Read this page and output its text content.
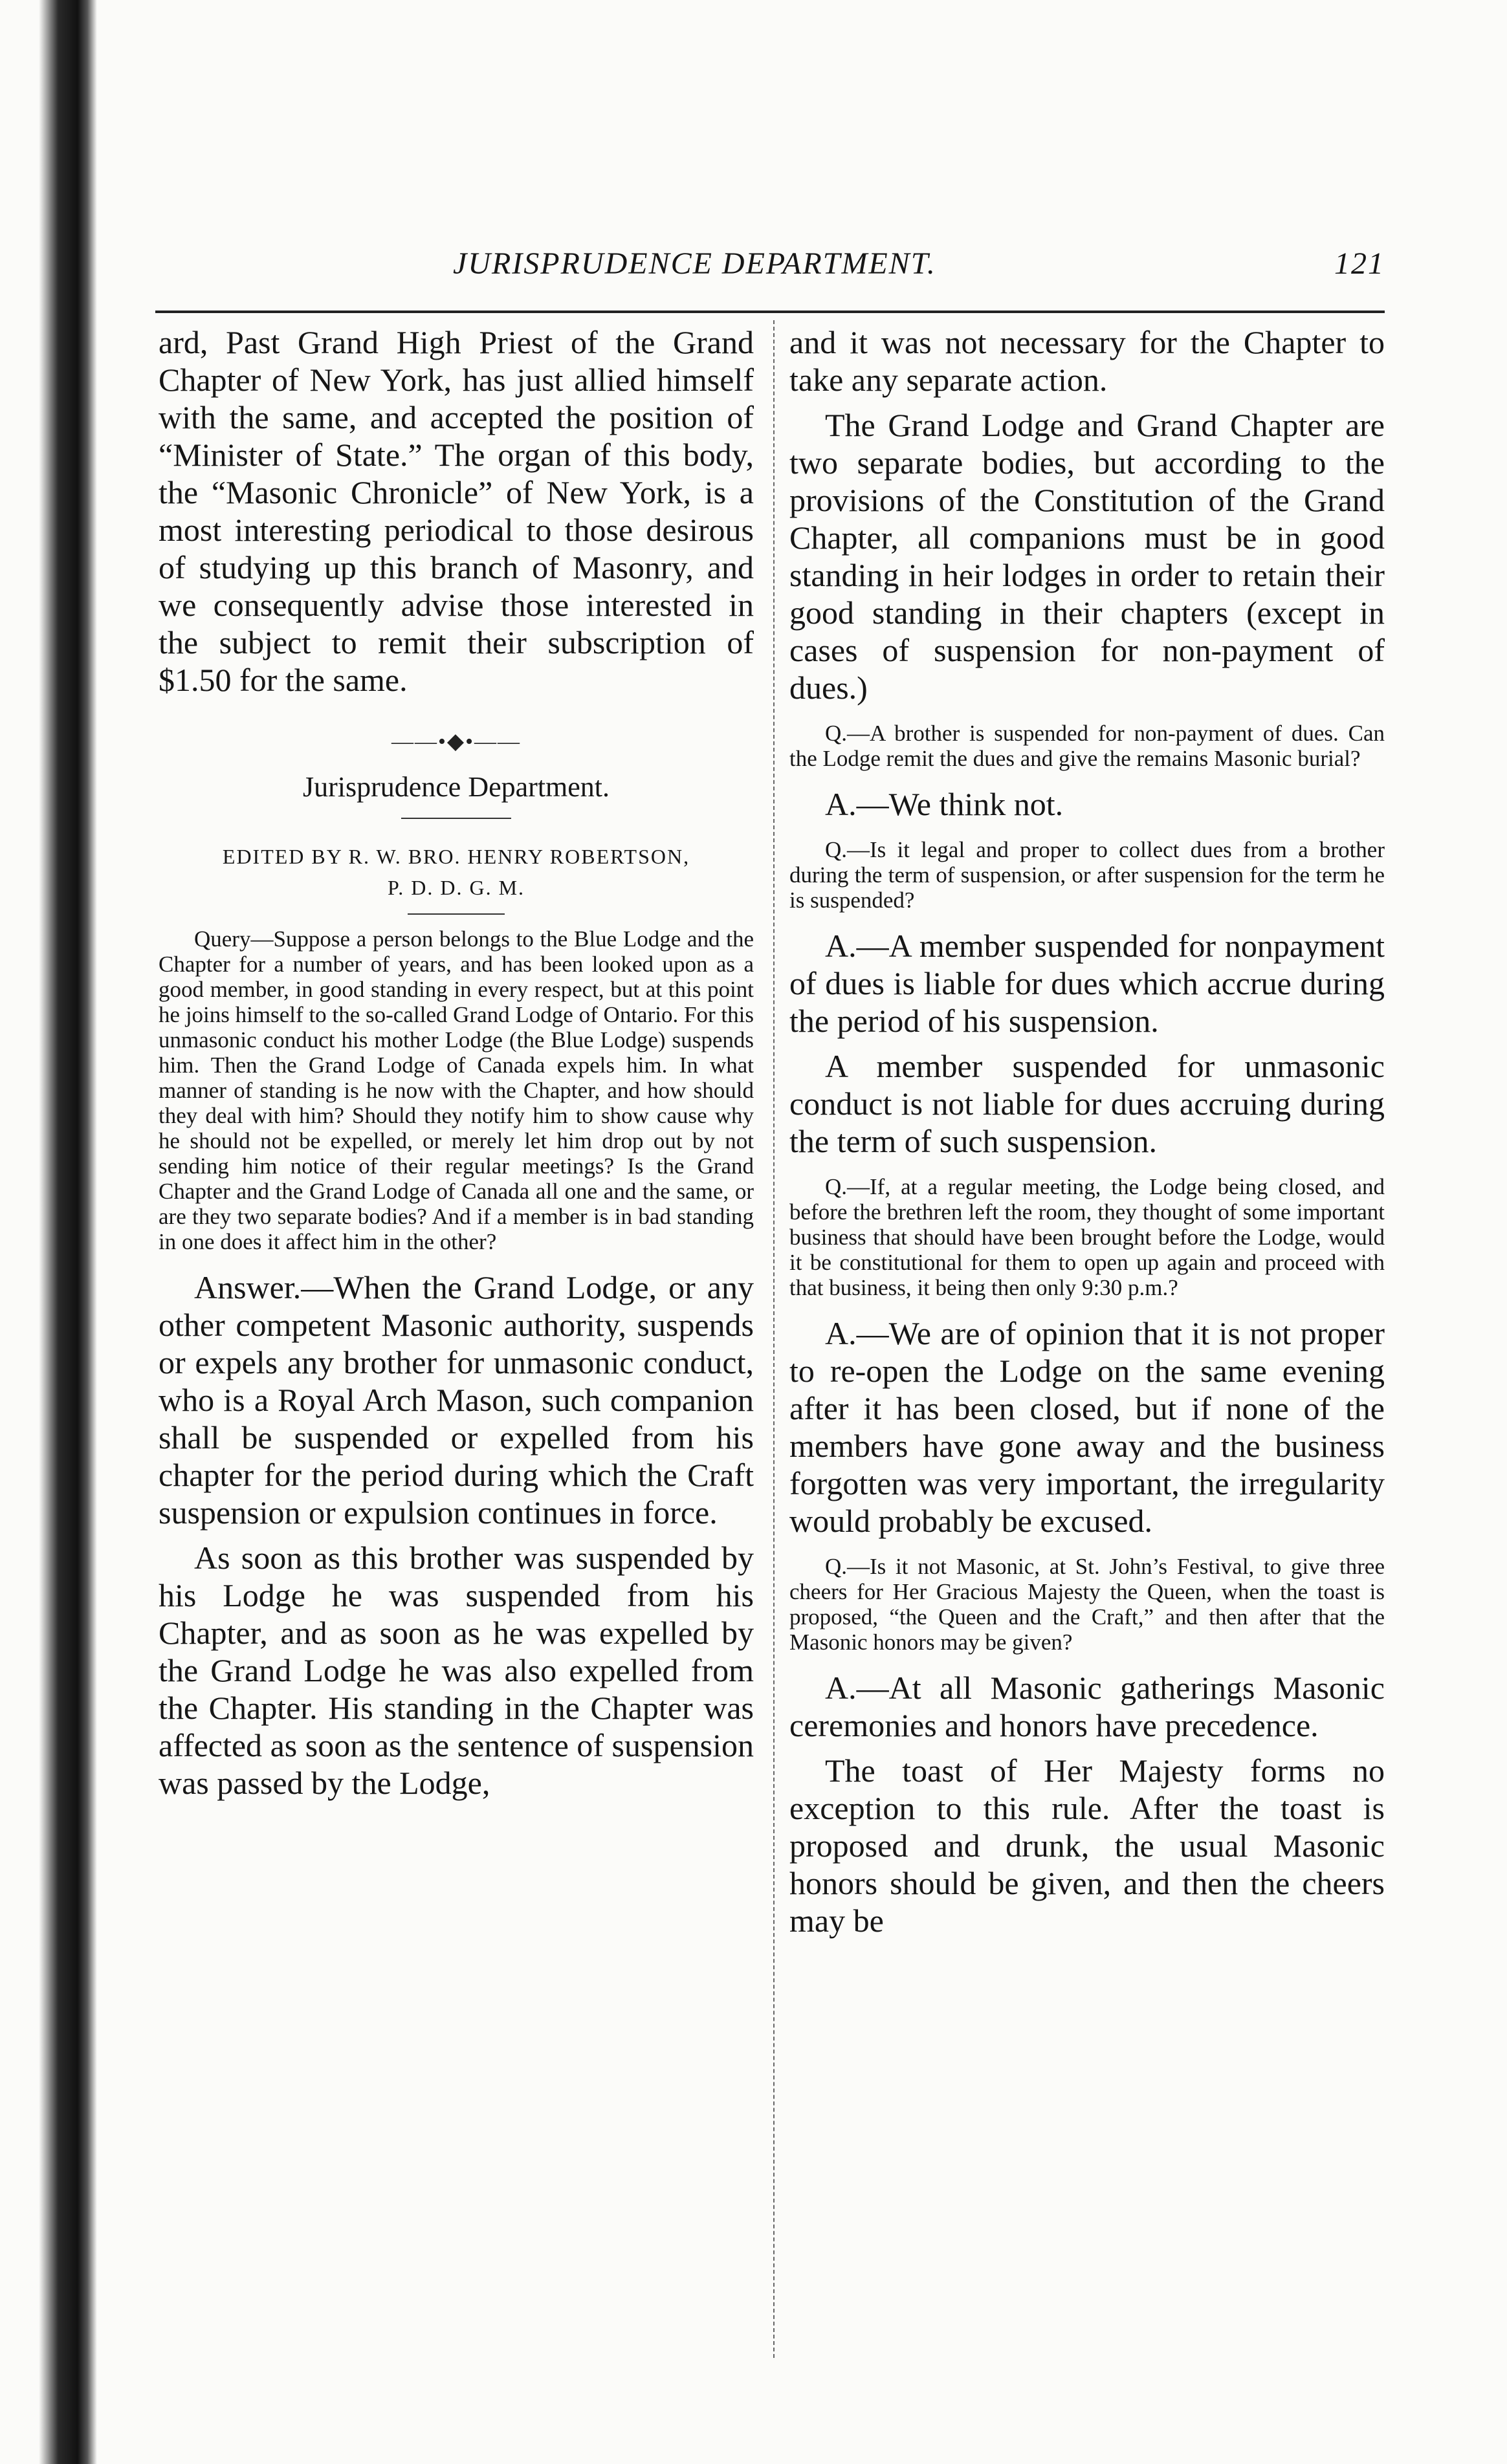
JURISPRUDENCE DEPARTMENT.	121

ard, Past Grand High Priest of the Grand Chapter of New York, has just allied himself with the same, and accepted the position of “Minister of State.” The organ of this body, the “Masonic Chronicle” of New York, is a most interesting periodical to those desirous of studying up this branch of Masonry, and we consequently advise those interested in the subject to remit their subscription of $1.50 for the same.

——•◆•——
Jurisprudence Department.
EDITED BY R. W. BRO. HENRY ROBERTSON,
P. D. D. G. M.

Query—Suppose a person belongs to the Blue Lodge and the Chapter for a number of years, and has been looked upon as a good member, in good standing in every respect, but at this point he joins himself to the so-called Grand Lodge of Ontario. For this unmasonic conduct his mother Lodge (the Blue Lodge) suspends him. Then the Grand Lodge of Canada expels him. In what manner of standing is he now with the Chapter, and how should they deal with him? Should they notify him to show cause why he should not be expelled, or merely let him drop out by not sending him notice of their regular meetings? Is the Grand Chapter and the Grand Lodge of Canada all one and the same, or are they two separate bodies? And if a member is in bad standing in one does it affect him in the other?

Answer.—When the Grand Lodge, or any other competent Masonic authority, suspends or expels any brother for unmasonic conduct, who is a Royal Arch Mason, such companion shall be suspended or expelled from his chapter for the period during which the Craft suspension or expulsion continues in force.

As soon as this brother was suspended by his Lodge he was suspended from his Chapter, and as soon as he was expelled by the Grand Lodge he was also expelled from the Chapter. His standing in the Chapter was affected as soon as the sentence of suspension was passed by the Lodge,

and it was not necessary for the Chapter to take any separate action.

The Grand Lodge and Grand Chapter are two separate bodies, but according to the provisions of the Constitution of the Grand Chapter, all companions must be in good standing in heir lodges in order to retain their good standing in their chapters (except in cases of suspension for non-payment of dues.)

Q.—A brother is suspended for non-payment of dues. Can the Lodge remit the dues and give the remains Masonic burial?

A.—We think not.

Q.—Is it legal and proper to collect dues from a brother during the term of suspension, or after suspension for the term he is suspended?

A.—A member suspended for nonpayment of dues is liable for dues which accrue during the period of his suspension.

A member suspended for unmasonic conduct is not liable for dues accruing during the term of such suspension.

Q.—If, at a regular meeting, the Lodge being closed, and before the brethren left the room, they thought of some important business that should have been brought before the Lodge, would it be constitutional for them to open up again and proceed with that business, it being then only 9:30 p.m.?

A.—We are of opinion that it is not proper to re-open the Lodge on the same evening after it has been closed, but if none of the members have gone away and the business forgotten was very important, the irregularity would probably be excused.

Q.—Is it not Masonic, at St. John’s Festival, to give three cheers for Her Gracious Majesty the Queen, when the toast is proposed, “the Queen and the Craft,” and then after that the Masonic honors may be given?

A.—At all Masonic gatherings Masonic ceremonies and honors have precedence.

The toast of Her Majesty forms no exception to this rule. After the toast is proposed and drunk, the usual Masonic honors should be given, and then the cheers may be
